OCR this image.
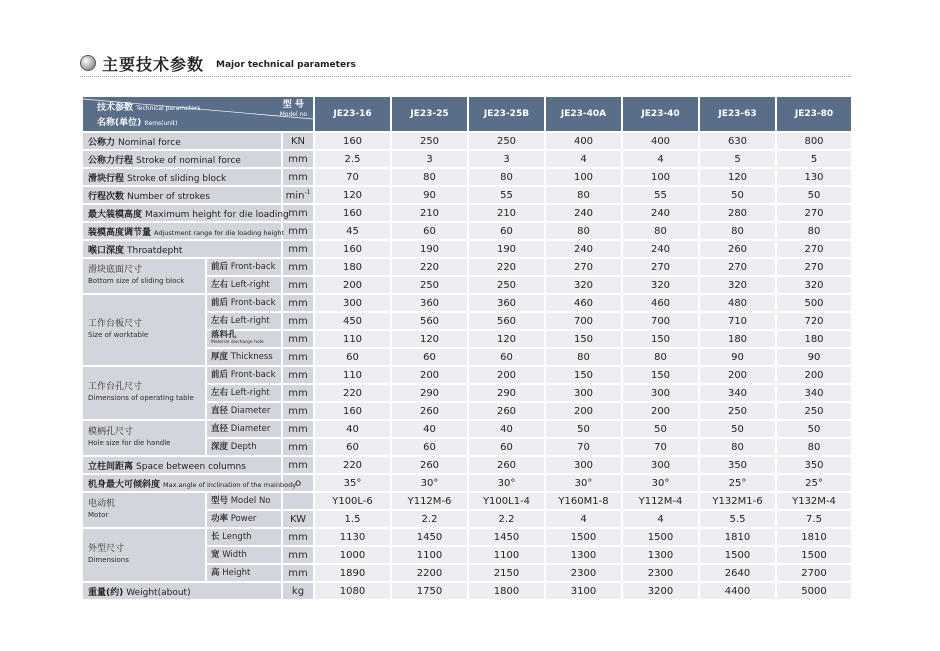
主要技术参数 Major technical parameters
技术参数 Technical parameters
名称(单位) Items(unit)
型 号
Model no			JE23-16	JE23-25	JE23-25B	JE23-40A	JE23-40	JE23-63	JE23-80
公称力 Nominal force		KN	160	250	250	400	400	630	800
公称力行程 Stroke of nominal force		mm	2.5	3	3	4	4	5	5
滑块行程 Stroke of sliding block		mm	70	80	80	100	100	120	130
行程次数 Number of strokes		$\min^{-1}$	120	90	55	80	55	50	50
最大装模高度 Maximum height for die loading		mm	160	210	210	240	240	280	270
装模高度调节量 Adjustment range for die loading height		mm	45	60	60	80	80	80	80
喉口深度 Throatdepht		mm	160	190	190	240	240	260	270
滑块底面尺寸
Bottom size of sliding block	前后 Front-back	mm	180	220	220	270	270	270	270
	左右 Left-right	mm	200	250	250	320	320	320	320
工作台板尺寸
Size of worktable	前后 Front-back	mm	300	360	360	460	460	480	500
	左右 Left-right	mm	450	560	560	700	700	710	720
	落料孔
Material discharge hole	mm	110	120	120	150	150	180	180
	厚度 Thickness	mm	60	60	60	80	80	90	90
工作台孔尺寸
Dimensions of operating table	前后 Front-back	mm	110	200	200	150	150	200	200
	左右 Left-right	mm	220	290	290	300	300	340	340
	直径 Diameter	mm	160	260	260	200	200	250	250
模柄孔尺寸
Hole size for die handle	直径 Diameter	mm	40	40	40	50	50	50	50
	深度 Depth	mm	60	60	60	70	70	80	80
立柱间距离 Space between columns		mm	220	260	260	300	300	350	350
机身最大可倾斜度 Max.angle of inclination of the mainbody		o	35°	30°	30°	30°	30°	25°	25°
电动机
Motor	型号 Model No		Y100L-6	Y112M-6	Y100L1-4	Y160M1-8	Y112M-4	Y132M1-6	Y132M-4
	功率 Power	KW	1.5	2.2	2.2	4	4	5.5	7.5
外型尺寸
Dimensions	长 Length	mm	1130	1450	1450	1500	1500	1810	1810
	宽 Width	mm	1000	1100	1100	1300	1300	1500	1500
	高 Height	mm	1890	2200	2150	2300	2300	2640	2700
重量(约) Weight(about)		kg	1080	1750	1800	3100	3200	4400	5000
